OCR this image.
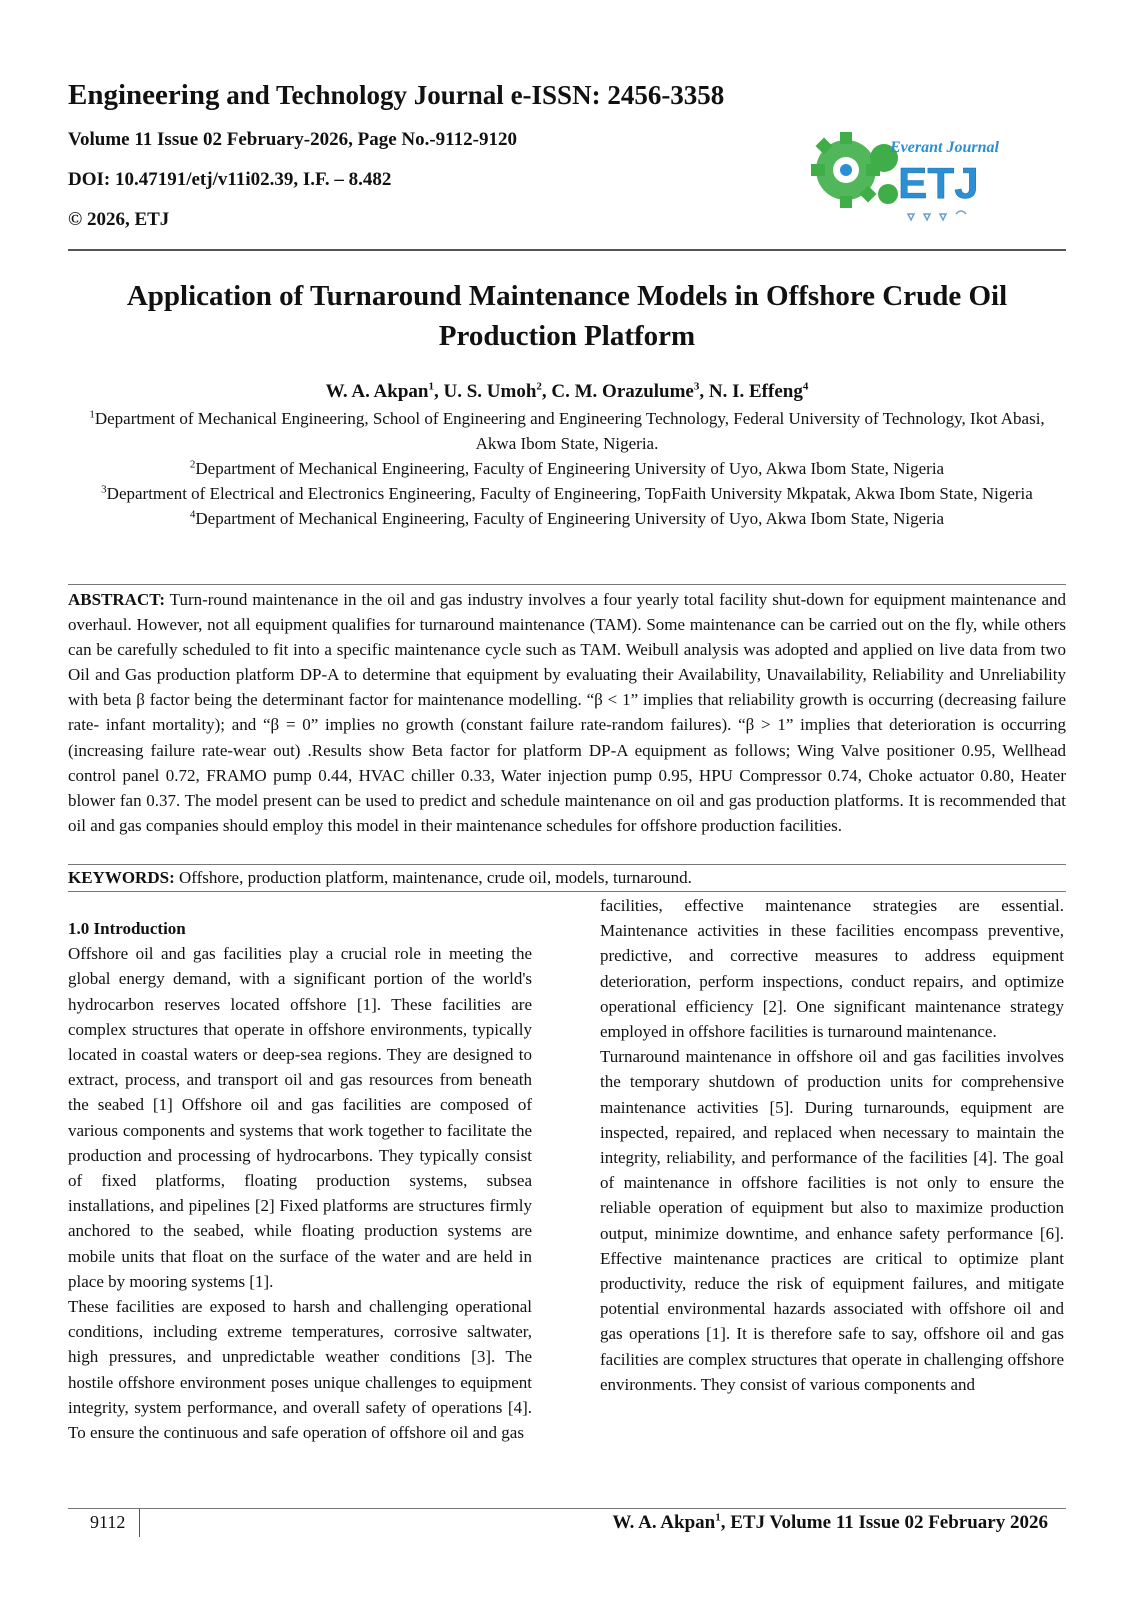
Engineering and Technology Journal e-ISSN: 2456-3358

Volume 11 Issue 02 February-2026, Page No.-9112-9120

DOI: 10.47191/etj/v11i02.39, I.F. – 8.482

© 2026, ETJ

Everant Journal
ETJ
Application of Turnaround Maintenance Models in Offshore Crude Oil Production Platform
W. A. Akpan$^1$, U. S. Umoh$^2$, C. M. Orazulume$^3$, N. I. Effeng$^4$

$^1$Department of Mechanical Engineering, School of Engineering and Engineering Technology, Federal University of Technology, Ikot Abasi, Akwa Ibom State, Nigeria.

$^2$Department of Mechanical Engineering, Faculty of Engineering University of Uyo, Akwa Ibom State, Nigeria

$^3$Department of Electrical and Electronics Engineering, Faculty of Engineering, TopFaith University Mkpatak, Akwa Ibom State, Nigeria

$^4$Department of Mechanical Engineering, Faculty of Engineering University of Uyo, Akwa Ibom State, Nigeria

ABSTRACT: Turn-round maintenance in the oil and gas industry involves a four yearly total facility shut-down for equipment maintenance and overhaul. However, not all equipment qualifies for turnaround maintenance (TAM). Some maintenance can be carried out on the fly, while others can be carefully scheduled to fit into a specific maintenance cycle such as TAM. Weibull analysis was adopted and applied on live data from two Oil and Gas production platform DP-A to determine that equipment by evaluating their Availability, Unavailability, Reliability and Unreliability with beta β factor being the determinant factor for maintenance modelling. “β < 1” implies that reliability growth is occurring (decreasing failure rate- infant mortality); and “β = 0” implies no growth (constant failure rate-random failures). “β > 1” implies that deterioration is occurring (increasing failure rate-wear out) .Results show Beta factor for platform DP-A equipment as follows; Wing Valve positioner 0.95, Wellhead control panel 0.72, FRAMO pump 0.44, HVAC chiller 0.33, Water injection pump 0.95, HPU Compressor 0.74, Choke actuator 0.80, Heater blower fan 0.37. The model present can be used to predict and schedule maintenance on oil and gas production platforms. It is recommended that oil and gas companies should employ this model in their maintenance schedules for offshore production facilities.
KEYWORDS: Offshore, production platform, maintenance, crude oil, models, turnaround.

1.0 Introduction

Offshore oil and gas facilities play a crucial role in meeting the global energy demand, with a significant portion of the world's hydrocarbon reserves located offshore [1]. These facilities are complex structures that operate in offshore environments, typically located in coastal waters or deep-sea regions. They are designed to extract, process, and transport oil and gas resources from beneath the seabed [1] Offshore oil and gas facilities are composed of various components and systems that work together to facilitate the production and processing of hydrocarbons. They typically consist of fixed platforms, floating production systems, subsea installations, and pipelines [2] Fixed platforms are structures firmly anchored to the seabed, while floating production systems are mobile units that float on the surface of the water and are held in place by mooring systems [1].

These facilities are exposed to harsh and challenging operational conditions, including extreme temperatures, corrosive saltwater, high pressures, and unpredictable weather conditions [3]. The hostile offshore environment poses unique challenges to equipment integrity, system performance, and overall safety of operations [4]. To ensure the continuous and safe operation of offshore oil and gas

facilities, effective maintenance strategies are essential. Maintenance activities in these facilities encompass preventive, predictive, and corrective measures to address equipment deterioration, perform inspections, conduct repairs, and optimize operational efficiency [2]. One significant maintenance strategy employed in offshore facilities is turnaround maintenance.

Turnaround maintenance in offshore oil and gas facilities involves the temporary shutdown of production units for comprehensive maintenance activities [5]. During turnarounds, equipment are inspected, repaired, and replaced when necessary to maintain the integrity, reliability, and performance of the facilities [4]. The goal of maintenance in offshore facilities is not only to ensure the reliable operation of equipment but also to maximize production output, minimize downtime, and enhance safety performance [6]. Effective maintenance practices are critical to optimize plant productivity, reduce the risk of equipment failures, and mitigate potential environmental hazards associated with offshore oil and gas operations [1]. It is therefore safe to say, offshore oil and gas facilities are complex structures that operate in challenging offshore environments. They consist of various components and

9112	W. A. Akpan$^1$, ETJ Volume 11 Issue 02 February 2026
